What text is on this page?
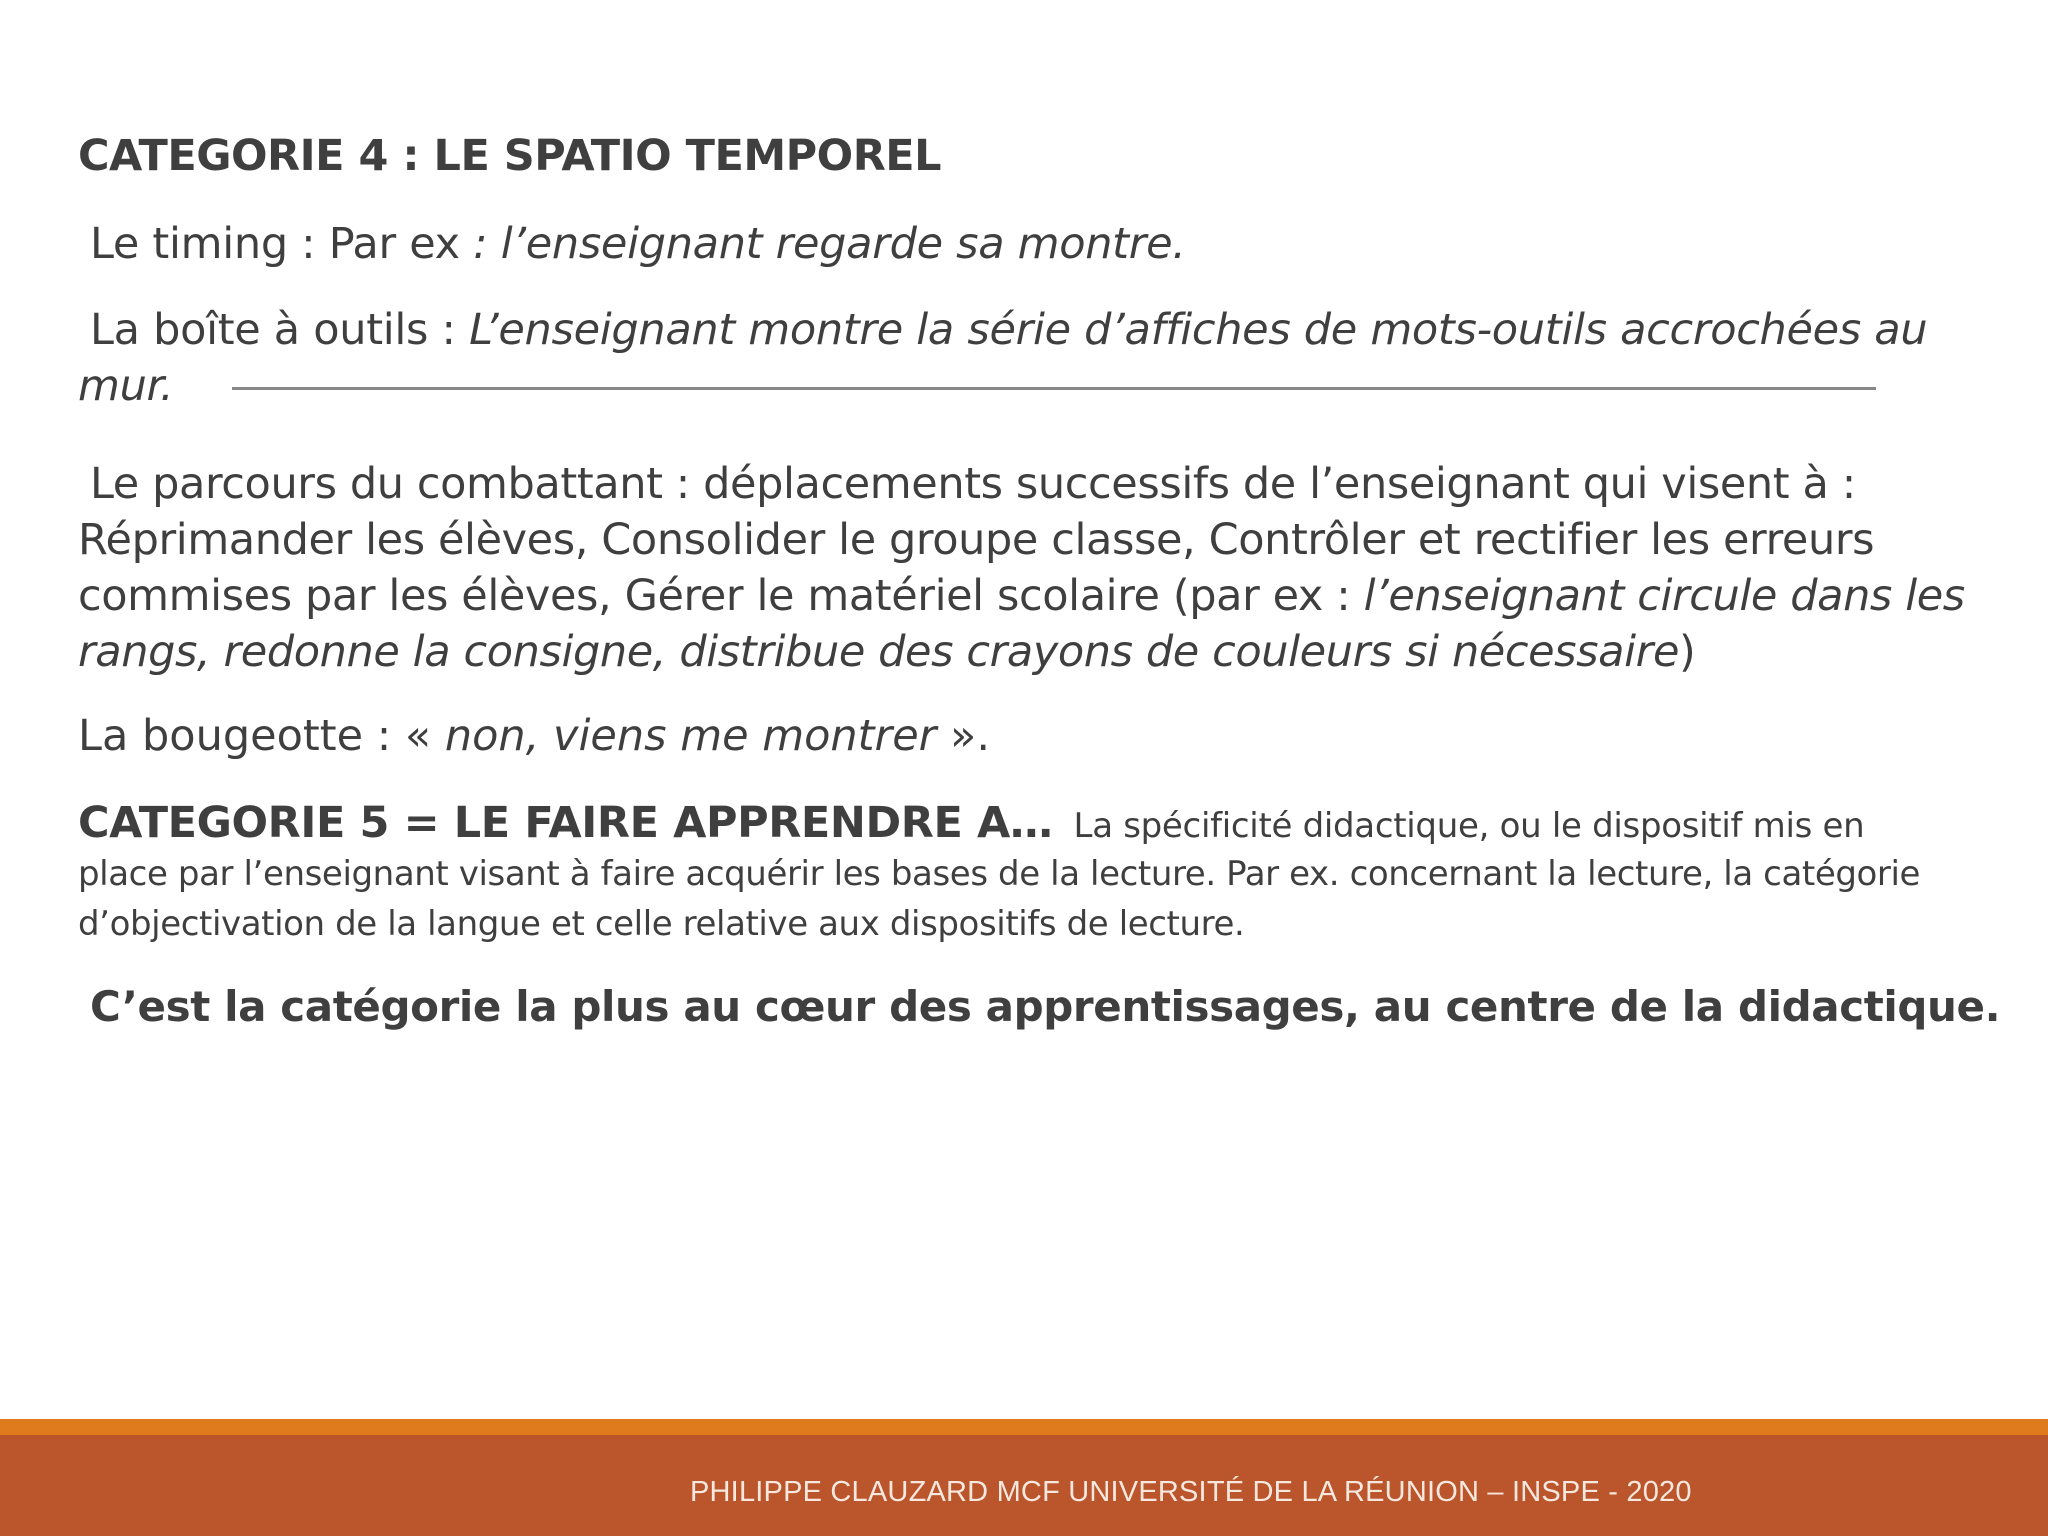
CATEGORIE 4 : LE SPATIO TEMPOREL

Le timing : Par ex : l’enseignant regarde sa montre.

La boîte à outils : L’enseignant montre la série d’affiches de mots-outils accrochées au mur.

Le parcours du combattant : déplacements successifs de l’enseignant qui visent à : Réprimander les élèves, Consolider le groupe classe, Contrôler et rectifier les erreurs commises par les élèves, Gérer le matériel scolaire (par ex : l’enseignant circule dans les rangs, redonne la consigne, distribue des crayons de couleurs si nécessaire)

La bougeotte : « non, viens me montrer ».

CATEGORIE 5 = LE FAIRE APPRENDRE A… La spécificité didactique, ou le dispositif mis en

place par l’enseignant visant à faire acquérir les bases de la lecture. Par ex. concernant la lecture, la catégorie d’objectivation de la langue et celle relative aux dispositifs de lecture.

C’est la catégorie la plus au cœur des apprentissages, au centre de la didactique.

PHILIPPE CLAUZARD MCF UNIVERSITÉ DE LA RÉUNION – INSPE - 2020
